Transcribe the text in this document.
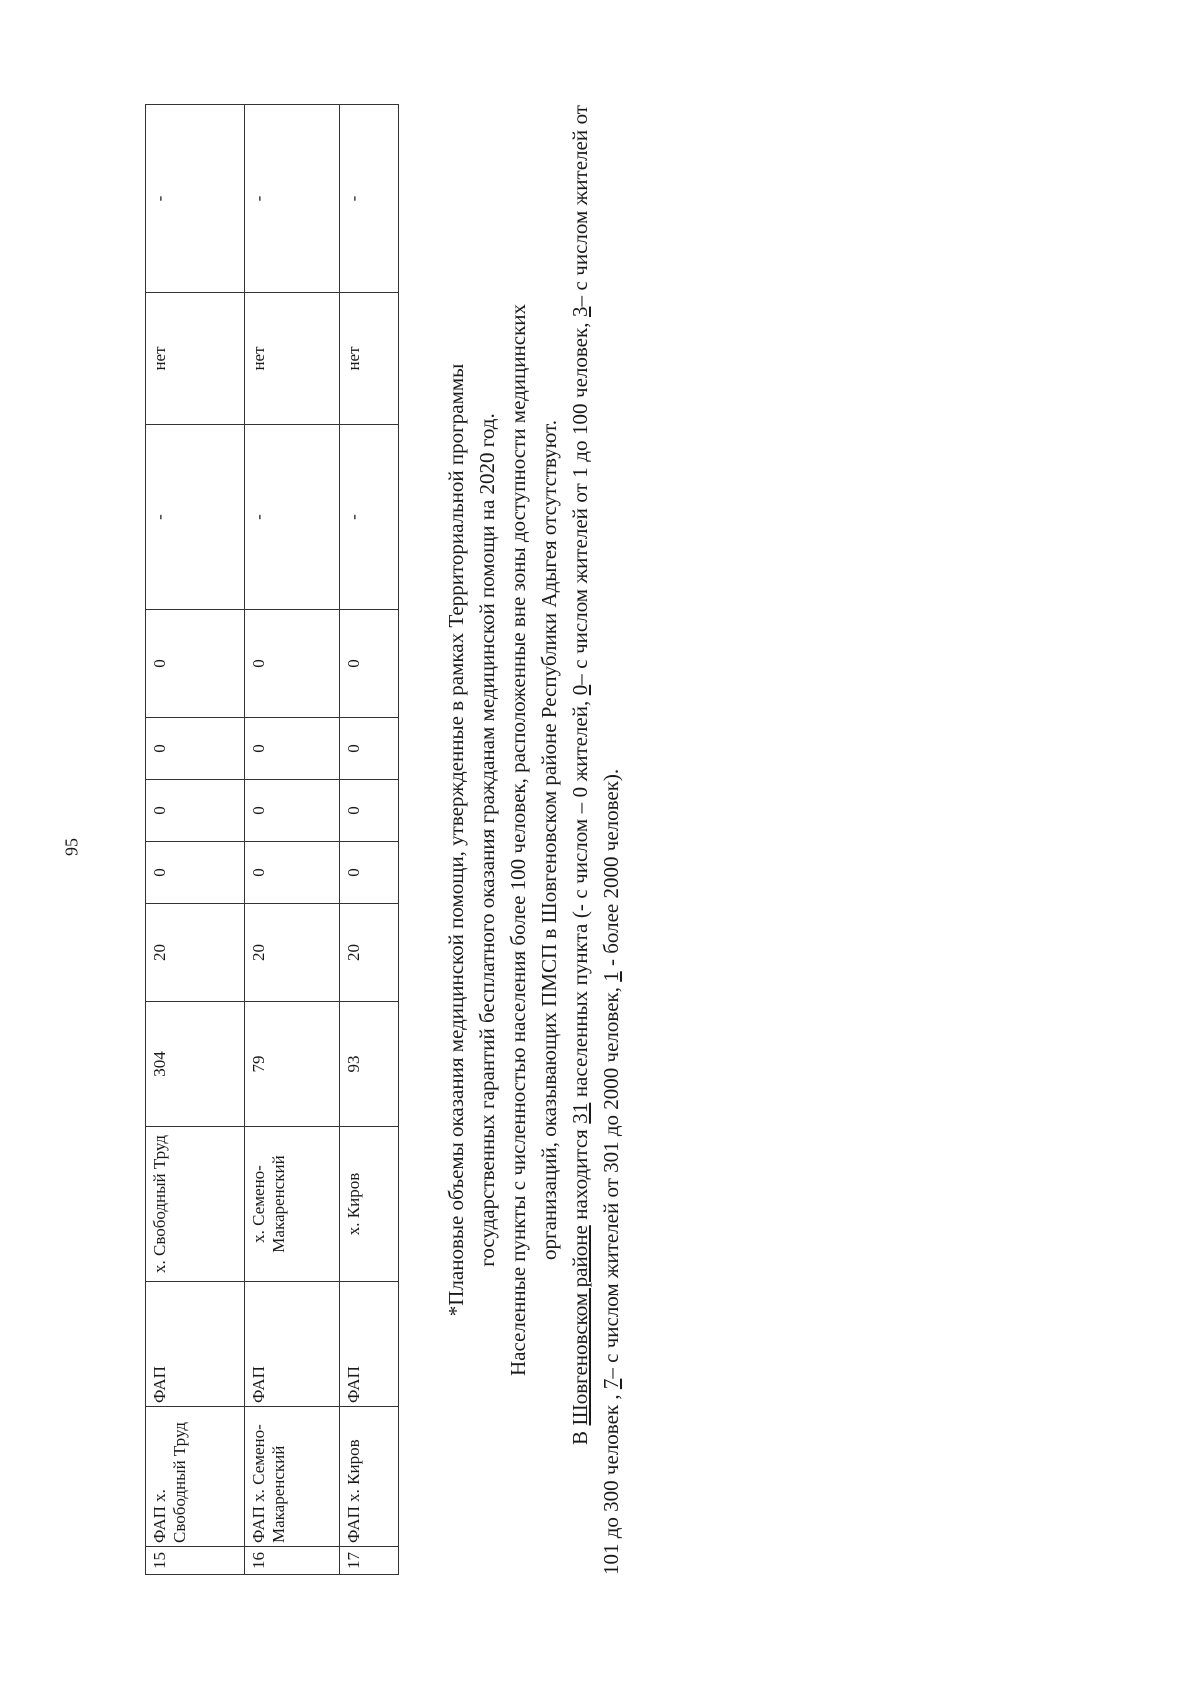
95
15	ФАП х. Свободный Труд	ФАП	х. Свободный Труд	304	20	0	0	0	0	-	нет	-
16	ФАП х. Семено-Макаренский	ФАП	х. Семено-Макаренский	79	20	0	0	0	0	-	нет	-
17	ФАП х. Киров	ФАП	х. Киров	93	20	0	0	0	0	-	нет	-
*Плановые объемы оказания медицинской помощи, утвержденные в рамках Территориальной программы государственных гарантий бесплатного оказания гражданам медицинской помощи на 2020 год. Населенные пункты с численностью населения более 100 человек, расположенные вне зоны доступности медицинских организаций, оказывающих ПМСП в Шовгеновском районе Республики Адыгея отсутствуют.
В Шовгеновском районе находится 31 населенных пункта (- с числом – 0 жителей, 0– с числом жителей от 1 до 100 человек, 3– с числом жителей от 101 до 300 человек , 7– с числом жителей от 301 до 2000 человек, 1 - более 2000 человек).
